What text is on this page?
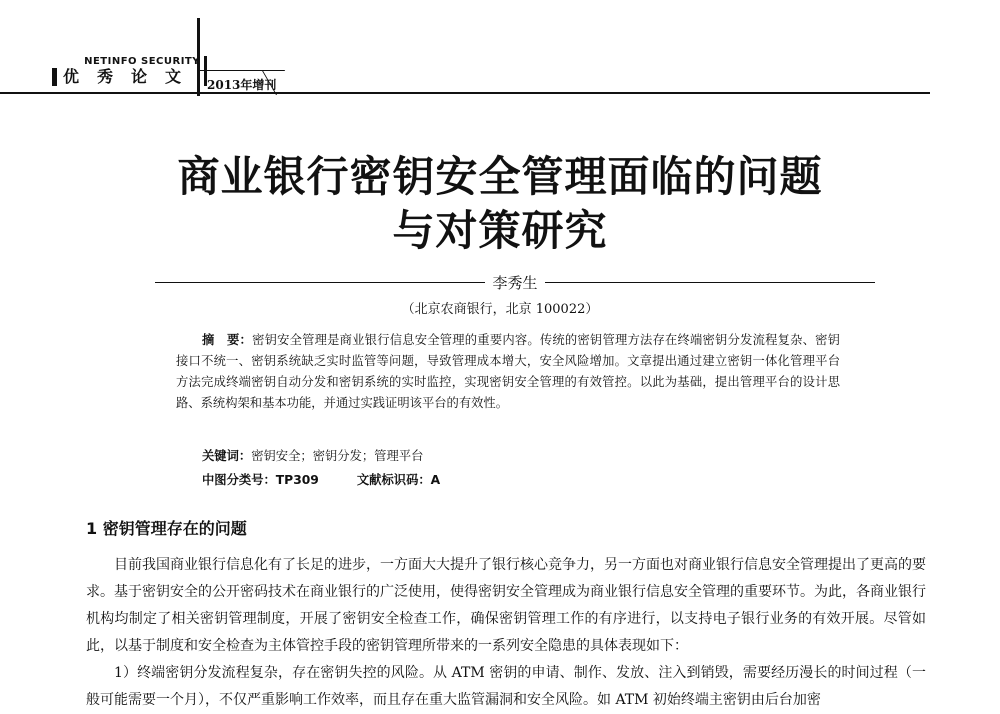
NETINFO SECURITY
优秀论文 2013年增刊
商业银行密钥安全管理面临的问题
与对策研究
李秀生
（北京农商银行，北京 100022）
摘　要：密钥安全管理是商业银行信息安全管理的重要内容。传统的密钥管理方法存在终端密钥分发流程复杂、密钥接口不统一、密钥系统缺乏实时监管等问题，导致管理成本增大，安全风险增加。文章提出通过建立密钥一体化管理平台方法完成终端密钥自动分发和密钥系统的实时监控，实现密钥安全管理的有效管控。以此为基础，提出管理平台的设计思路、系统构架和基本功能，并通过实践证明该平台的有效性。
关键词：密钥安全；密钥分发；管理平台
中图分类号：TP309	文献标识码：A
1 密钥管理存在的问题

目前我国商业银行信息化有了长足的进步，一方面大大提升了银行核心竞争力，另一方面也对商业银行信息安全管理提出了更高的要求。基于密钥安全的公开密码技术在商业银行的广泛使用，使得密钥安全管理成为商业银行信息安全管理的重要环节。为此，各商业银行机构均制定了相关密钥管理制度，开展了密钥安全检查工作，确保密钥管理工作的有序进行，以支持电子银行业务的有效开展。尽管如此，以基于制度和安全检查为主体管控手段的密钥管理所带来的一系列安全隐患的具体表现如下：

1）终端密钥分发流程复杂，存在密钥失控的风险。从 ATM 密钥的申请、制作、发放、注入到销毁，需要经历漫长的时间过程（一般可能需要一个月），不仅严重影响工作效率，而且存在重大监管漏洞和安全风险。如 ATM 初始终端主密钥由后台加密
